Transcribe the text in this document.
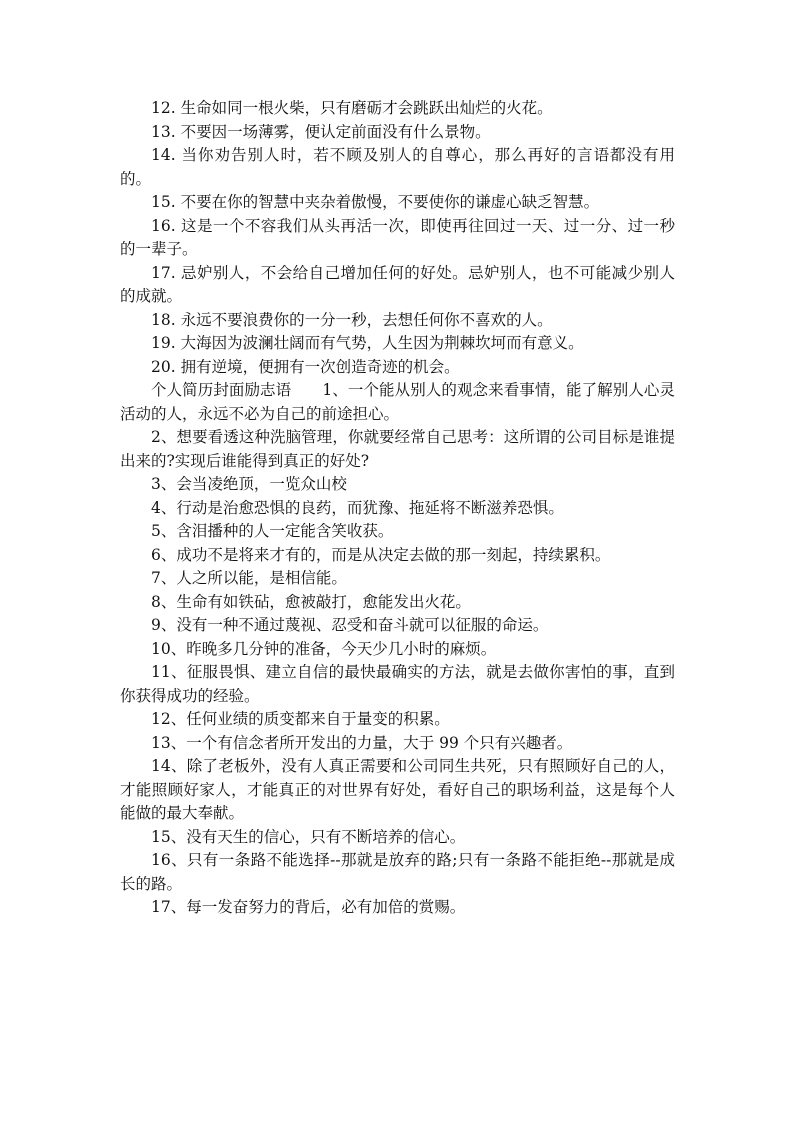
12. 生命如同一根火柴，只有磨砺才会跳跃出灿烂的火花。

13. 不要因一场薄雾，便认定前面没有什么景物。

14. 当你劝告别人时，若不顾及别人的自尊心，那么再好的言语都没有用的。

15. 不要在你的智慧中夹杂着傲慢，不要使你的谦虚心缺乏智慧。

16. 这是一个不容我们从头再活一次，即使再往回过一天、过一分、过一秒的一辈子。

17. 忌妒别人，不会给自己增加任何的好处。忌妒别人，也不可能减少别人的成就。

18. 永远不要浪费你的一分一秒，去想任何你不喜欢的人。

19. 大海因为波澜壮阔而有气势，人生因为荆棘坎坷而有意义。

20. 拥有逆境，便拥有一次创造奇迹的机会。

个人简历封面励志语　　1、一个能从别人的观念来看事情，能了解别人心灵活动的人，永远不必为自己的前途担心。

2、想要看透这种洗脑管理，你就要经常自己思考：这所谓的公司目标是谁提出来的?实现后谁能得到真正的好处?

3、会当凌绝顶，一览众山校

4、行动是治愈恐惧的良药，而犹豫、拖延将不断滋养恐惧。

5、含泪播种的人一定能含笑收获。

6、成功不是将来才有的，而是从决定去做的那一刻起，持续累积。

7、人之所以能，是相信能。

8、生命有如铁砧，愈被敲打，愈能发出火花。

9、没有一种不通过蔑视、忍受和奋斗就可以征服的命运。

10、昨晚多几分钟的准备，今天少几小时的麻烦。

11、征服畏惧、建立自信的最快最确实的方法，就是去做你害怕的事，直到你获得成功的经验。

12、任何业绩的质变都来自于量变的积累。

13、一个有信念者所开发出的力量，大于 99 个只有兴趣者。

14、除了老板外，没有人真正需要和公司同生共死，只有照顾好自己的人，才能照顾好家人，才能真正的对世界有好处，看好自己的职场利益，这是每个人能做的最大奉献。

15、没有天生的信心，只有不断培养的信心。

16、只有一条路不能选择--那就是放弃的路;只有一条路不能拒绝--那就是成长的路。

17、每一发奋努力的背后，必有加倍的赏赐。
